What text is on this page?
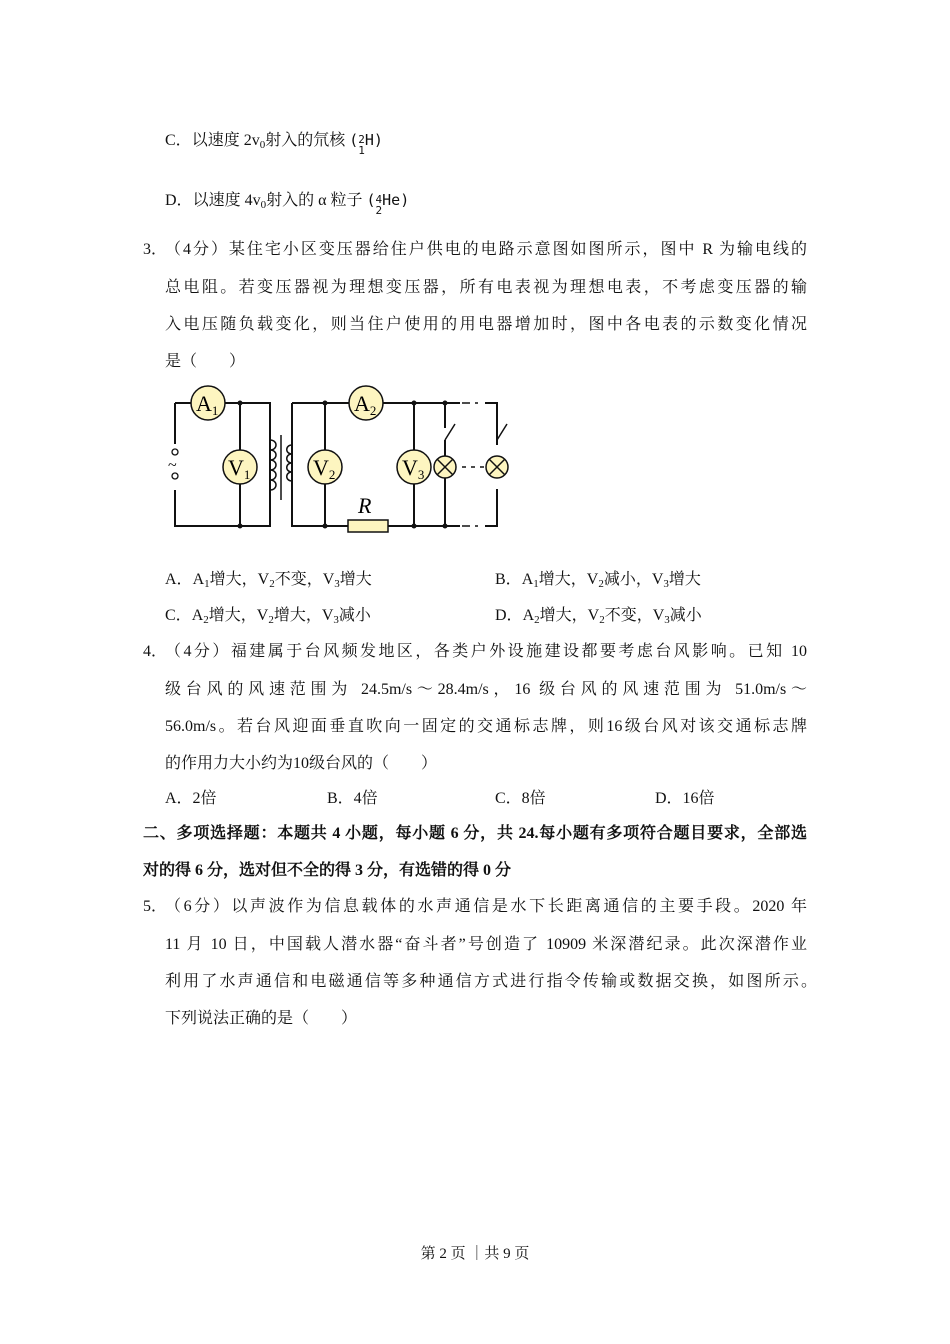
C．以速度 $2v_0$射入的氘核 ( 2
1
H)
D．以速度 $4v_0$射入的 α 粒子 ( 4
2
He)
3．
（4分）某住宅小区变压器给住户供电的电路示意图如图所示，图中 R 为输电线的
总电阻。若变压器视为理想变压器，所有电表视为理想电表，不考虑变压器的输
入电压随负载变化，则当住户使用的用电器增加时，图中各电表的示数变化情况
是（　　）
~
A1
V1	V2
A2
V3
R
A．$A_1$增大，$V_2$不变，$V_3$增大	B．$A_1$增大，$V_2$减小，$V_3$增大
C．$A_2$增大，$V_2$增大，$V_3$减小	D．$A_2$增大，$V_2$不变，$V_3$减小
4．
（4分）福建属于台风频发地区，各类户外设施建设都要考虑台风影响。已知 10
级台风的风速范围为 24.5m/s～28.4m/s，16 级台风的风速范围为 51.0m/s～
56.0m/s。若台风迎面垂直吹向一固定的交通标志牌，则16级台风对该交通标志牌
的作用力大小约为10级台风的（　　）
A．2倍	B．4倍	C．8倍	D．16倍
二、多项选择题：本题共 4 小题，每小题 6 分，共 24.每小题有多项符合题目要求，全部选
对的得 6 分，选对但不全的得 3 分，有选错的得 0 分
5．
（6分）以声波作为信息载体的水声通信是水下长距离通信的主要手段。2020 年
11 月 10 日，中国载人潜水器“奋斗者”号创造了 10909 米深潜纪录。此次深潜作业
利用了水声通信和电磁通信等多种通信方式进行指令传输或数据交换，如图所示。
下列说法正确的是（　　）
第 2 页 ｜共 9 页
